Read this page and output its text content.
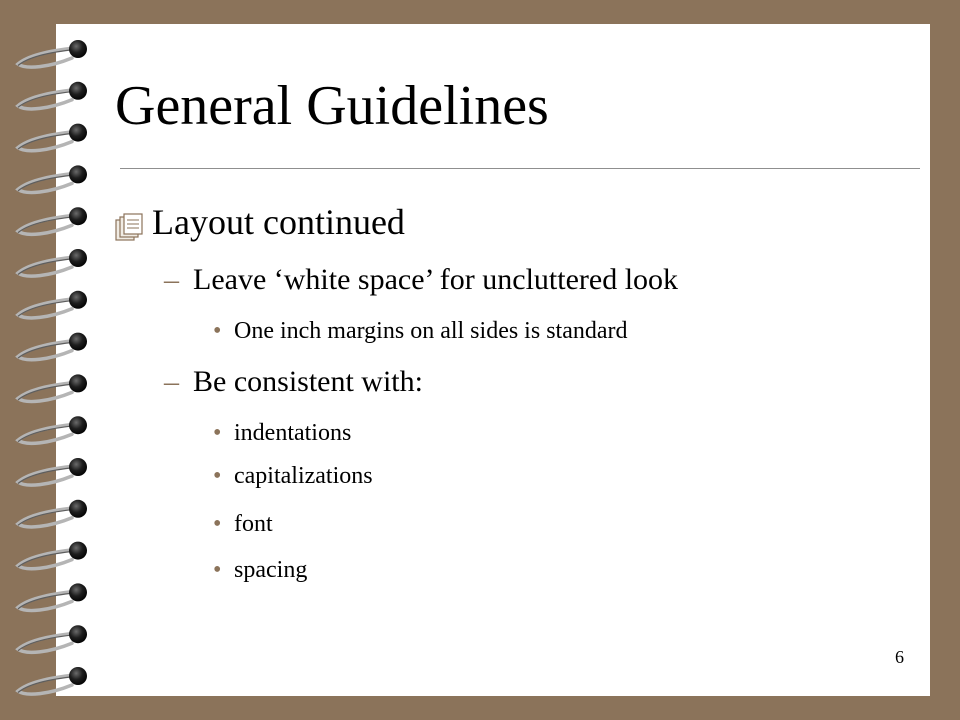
General Guidelines
Layout continued
– Leave ‘white space’ for uncluttered look
• One inch margins on all sides is standard
– Be consistent with:
• indentations
• capitalizations
• font
• spacing
6
